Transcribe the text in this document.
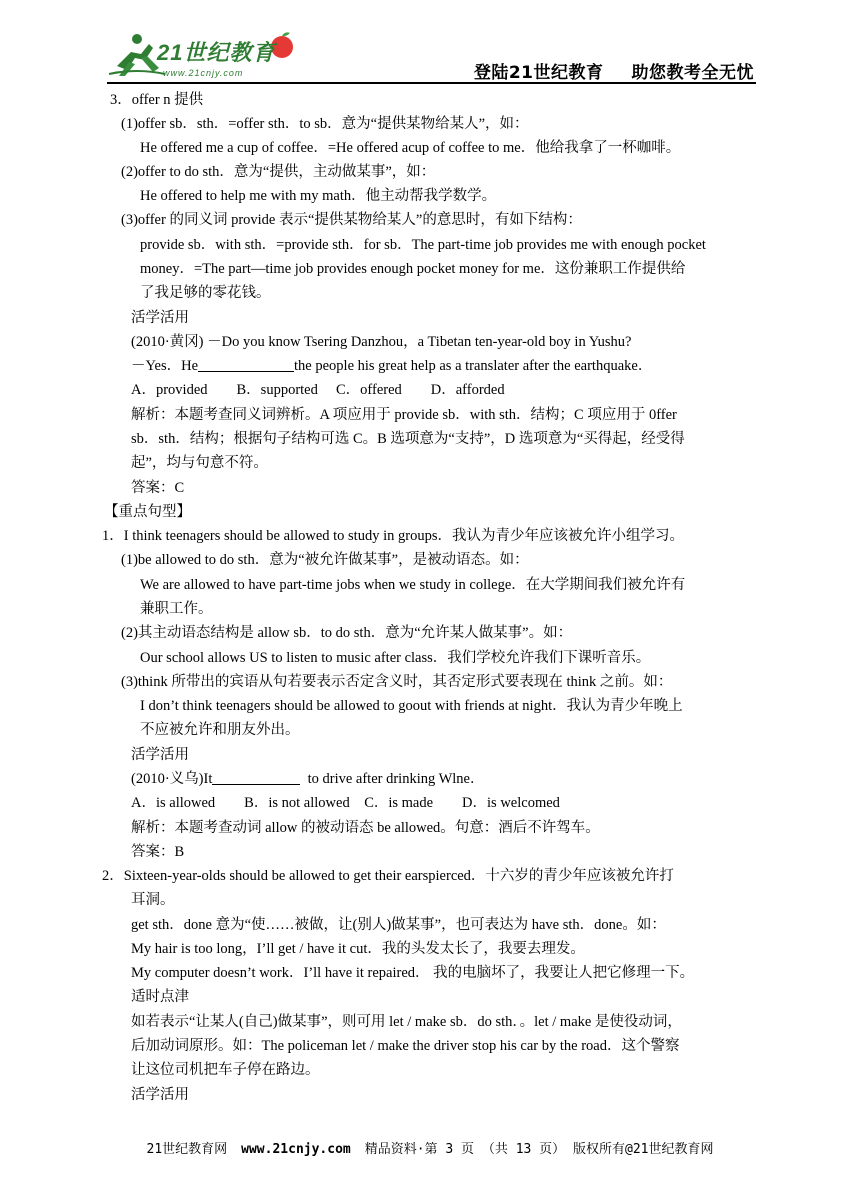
21世纪教育
www.21cnjy.com	登陆21世纪教育 助您教考全无忧
3．offer n 提供
(1)offer sb．sth．=offer sth．to sb．意为“提供某物给某人”，如：
He offered me a cup of coffee．=He offered acup of coffee to me．他给我拿了一杯咖啡。
(2)offer to do sth．意为“提供，主动做某事”，如：
He offered to help me with my math．他主动帮我学数学。
(3)offer 的同义词 provide 表示“提供某物给某人”的意思时，有如下结构：
provide sb．with sth．=provide sth．for sb．The part-time job provides me with enough pocket
money．=The part—time job provides enough pocket money for me．这份兼职工作提供给
了我足够的零花钱。
活学活用
(2010·黄冈) －Do you know Tsering Danzhou，a Tibetan ten-year-old boy in Yushu?
－Yes．He	the people his great help as a translater after the earthquake．
A．provided　　B．supported　 C．offered　　D．afforded
解析：本题考查同义词辨析。A 项应用于 provide sb．with sth．结构；C 项应用于 0ffer
sb．sth．结构；根据句子结构可选 C。B 选项意为“支持”，D 选项意为“买得起，经受得
起”，均与句意不符。
答案：C
【重点句型】
1．I think teenagers should be allowed to study in groups．我认为青少年应该被允许小组学习。
(1)be allowed to do sth．意为“被允许做某事”，是被动语态。如：
We are allowed to have part-time jobs when we study in college．在大学期间我们被允许有
兼职工作。
(2)其主动语态结构是 allow sb．to do sth．意为“允许某人做某事”。如：
Our school allows US to listen to music after class．我们学校允许我们下课听音乐。
(3)think 所带出的宾语从句若要表示否定含义时，其否定形式要表现在 think 之前。如：
I don’t think teenagers should be allowed to goout with friends at night．我认为青少年晚上
不应被允许和朋友外出。
活学活用
(2010·义乌)It	to drive after drinking Wlne．
A．is allowed　　B．is not allowed　C．is made　　D．is welcomed
解析：本题考查动词 allow 的被动语态 be allowed。句意：酒后不许驾车。
答案：B
2．Sixteen-year-olds should be allowed to get their earspierced．十六岁的青少年应该被允许打
耳洞。
get sth．done 意为“使……被做，让(别人)做某事”，也可表达为 have sth．done。如：
My hair is too long，I’ll get / have it cut．我的头发太长了，我要去理发。
My computer doesn’t work．I’ll have it repaired． 我的电脑坏了，我要让人把它修理一下。
适时点津
如若表示“让某人(自己)做某事”，则可用 let / make sb．do sth．。let / make 是使役动词，
后加动词原形。如：The policeman let / make the driver stop his car by the road．这个警察
让这位司机把车子停在路边。
活学活用
21世纪教育网 www.21cnjy.com 精品资料·第 3 页 （共 13 页） 版权所有@21世纪教育网
